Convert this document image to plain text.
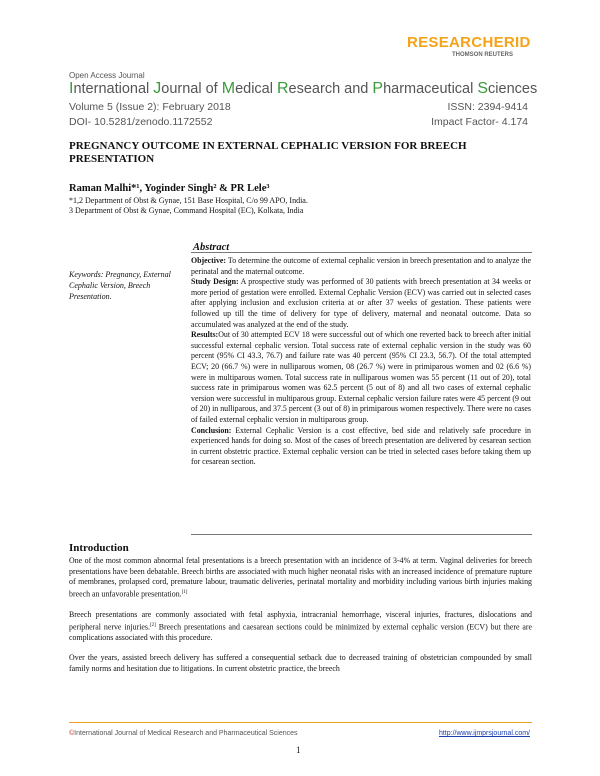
RESEARCHERID
THOMSON REUTERS
Open Access Journal
International Journal of Medical Research and Pharmaceutical Sciences
Volume 5 (Issue 2): February 2018
DOI- 10.5281/zenodo.1172552
ISSN: 2394-9414
Impact Factor- 4.174
PREGNANCY OUTCOME IN EXTERNAL CEPHALIC VERSION FOR BREECH PRESENTATION
Raman Malhi*¹, Yoginder Singh² & PR Lele³
*1,2 Department of Obst & Gynae, 151 Base Hospital, C/o 99 APO, India.
3 Department of Obst & Gynae, Command Hospital (EC), Kolkata, India
Abstract
Keywords: Pregnancy, External Cephalic Version, Breech Presentation.

Objective: To determine the outcome of external cephalic version in breech presentation and to analyze the perinatal and the maternal outcome.

Study Design: A prospective study was performed of 30 patients with breech presentation at 34 weeks or more period of gestation were enrolled. External Cephalic Version (ECV) was carried out in selected cases after applying inclusion and exclusion criteria at or after 37 weeks of gestation. These patients were followed up till the time of delivery for type of delivery, maternal and neonatal outcome. Data so accumulated was analyzed at the end of the study.

Results:Out of 30 attempted ECV 18 were successful out of which one reverted back to breech after initial successful external cephalic version. Total success rate of external cephalic version in the study was 60 percent (95% CI 43.3, 76.7) and failure rate was 40 percent (95% CI 23.3, 56.7). Of the total attempted ECV; 20 (66.7 %) were in nulliparous women, 08 (26.7 %) were in primiparous women and 02 (6.6 %) were in multiparous women. Total success rate in nulliparous women was 55 percent (11 out of 20), total success rate in primiparous women was 62.5 percent (5 out of 8) and all two cases of external cephalic version were successful in multiparous group. External cephalic version failure rates were 45 percent (9 out of 20) in nulliparous, and 37.5 percent (3 out of 8) in primiparous women respectively. There were no cases of failed external cephalic version in multiparous group.

Conclusion: External Cephalic Version is a cost effective, bed side and relatively safe procedure in experienced hands for doing so. Most of the cases of breech presentation are delivered by cesarean section in current obstetric practice. External cephalic version can be tried in selected cases before taking them up for cesarean section.

Introduction

One of the most common abnormal fetal presentations is a breech presentation with an incidence of 3-4% at term. Vaginal deliveries for breech presentations have been debatable. Breech births are associated with much higher neonatal risks with an increased incidence of premature rupture of membranes, prolapsed cord, premature labour, traumatic deliveries, perinatal mortality and morbidity including various birth injuries making breech an unfavorable presentation.[1]

Breech presentations are commonly associated with fetal asphyxia, intracranial hemorrhage, visceral injuries, fractures, dislocations and peripheral nerve injuries.[2] Breech presentations and caesarean sections could be minimized by external cephalic version (ECV) but there are complications associated with this procedure.

Over the years, assisted breech delivery has suffered a consequential setback due to decreased training of obstetrician compounded by small family norms and hesitation due to litigations. In current obstetric practice, the breech

©International Journal of Medical Research and Pharmaceutical Sciences	http://www.ijmprsjournal.com/
1
